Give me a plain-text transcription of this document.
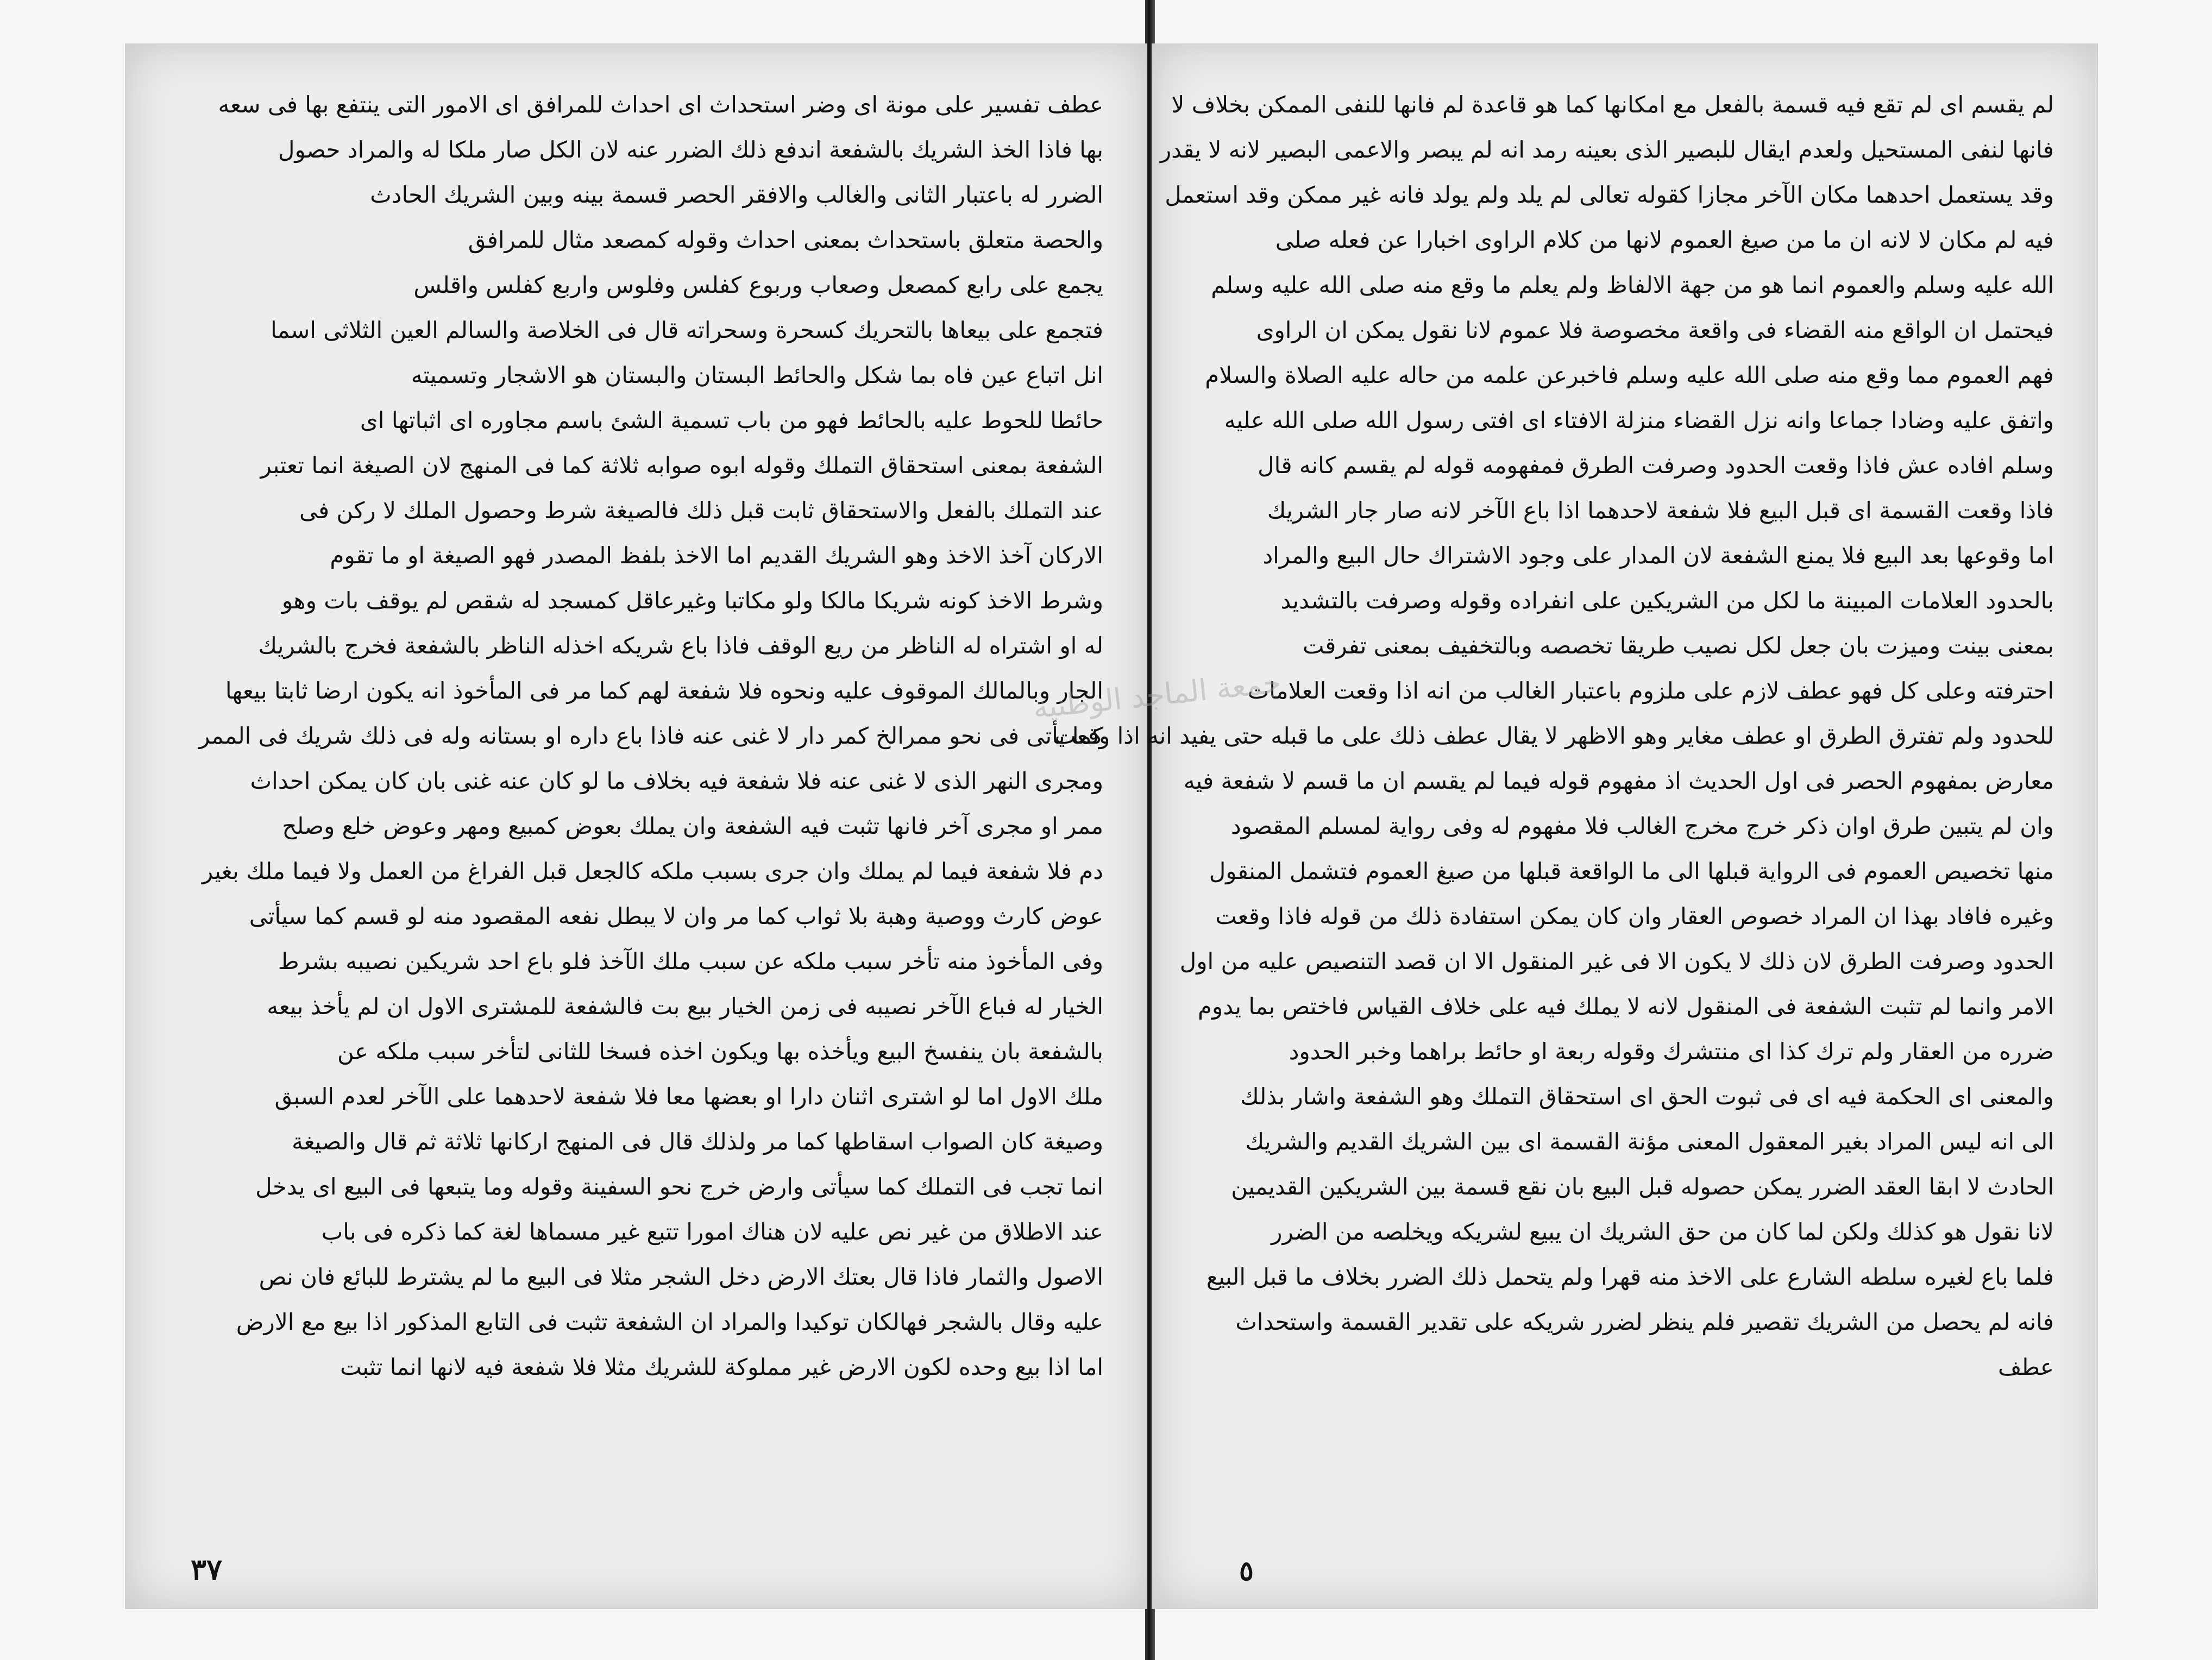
عطف تفسير على مونة اى وضر استحداث اى احداث للمرافق اى الامور التى ينتفع بها فى سعه
بها فاذا الخذ الشريك بالشفعة اندفع ذلك الضرر عنه لان الكل صار ملكا له والمراد حصول
الضرر له باعتبار الثانى والغالب والافقر الحصر قسمة بينه وبين الشريك الحادث
والحصة متعلق باستحداث بمعنى احداث وقوله كمصعد مثال للمرافق
يجمع على رابع كمصعل وصعاب وربوع كفلس وفلوس واربع كفلس واقلس
فتجمع على بيعاها بالتحريك كسحرة وسحراته قال فى الخلاصة والسالم العين الثلاثى اسما
انل اتباع عين فاه بما شكل والحائط البستان والبستان هو الاشجار وتسميته
حائطا للحوط عليه بالحائط فهو من باب تسمية الشئ باسم مجاوره اى اثباتها اى
الشفعة بمعنى استحقاق التملك وقوله ابوه صوابه ثلاثة كما فى المنهج لان الصيغة انما تعتبر
عند التملك بالفعل والاستحقاق ثابت قبل ذلك فالصيغة شرط وحصول الملك لا ركن فى
الاركان آخذ الاخذ وهو الشريك القديم اما الاخذ بلفظ المصدر فهو الصيغة او ما تقوم
وشرط الاخذ كونه شريكا مالكا ولو مكاتبا وغيرعاقل كمسجد له شقص لم يوقف بات وهو
له او اشتراه له الناظر من ريع الوقف فاذا باع شريكه اخذله الناظر بالشفعة فخرج بالشريك
الجار وبالمالك الموقوف عليه ونحوه فلا شفعة لهم كما مر فى المأخوذ انه يكون ارضا ثابتا بيعها
كما يأتى فى نحو ممرالخ كمر دار لا غنى عنه فاذا باع داره او بستانه وله فى ذلك شريك فى الممر
ومجرى النهر الذى لا غنى عنه فلا شفعة فيه بخلاف ما لو كان عنه غنى بان كان يمكن احداث
ممر او مجرى آخر فانها تثبت فيه الشفعة وان يملك بعوض كمبيع ومهر وعوض خلع وصلح
دم فلا شفعة فيما لم يملك وان جرى بسبب ملكه كالجعل قبل الفراغ من العمل ولا فيما ملك بغير
عوض كارث ووصية وهبة بلا ثواب كما مر وان لا يبطل نفعه المقصود منه لو قسم كما سيأتى
وفى المأخوذ منه تأخر سبب ملكه عن سبب ملك الآخذ فلو باع احد شريكين نصيبه بشرط
الخيار له فباع الآخر نصيبه فى زمن الخيار بيع بت فالشفعة للمشترى الاول ان لم يأخذ بيعه
بالشفعة بان ينفسخ البيع ويأخذه بها ويكون اخذه فسخا للثانى لتأخر سبب ملكه عن
ملك الاول اما لو اشترى اثنان دارا او بعضها معا فلا شفعة لاحدهما على الآخر لعدم السبق
وصيغة كان الصواب اسقاطها كما مر ولذلك قال فى المنهج اركانها ثلاثة ثم قال والصيغة
انما تجب فى التملك كما سيأتى وارض خرج نحو السفينة وقوله وما يتبعها فى البيع اى يدخل
عند الاطلاق من غير نص عليه لان هناك امورا تتبع غير مسماها لغة كما ذكره فى باب
الاصول والثمار فاذا قال بعتك الارض دخل الشجر مثلا فى البيع ما لم يشترط للبائع فان نص
عليه وقال بالشجر فهالكان توكيدا والمراد ان الشفعة تثبت فى التابع المذكور اذا بيع مع الارض
اما اذا بيع وحده لكون الارض غير مملوكة للشريك مثلا فلا شفعة فيه لانها انما تثبت
٣٧
لم يقسم اى لم تقع فيه قسمة بالفعل مع امكانها كما هو قاعدة لم فانها للنفى الممكن بخلاف لا
فانها لنفى المستحيل ولعدم ايقال للبصير الذى بعينه رمد انه لم يبصر والاعمى البصير لانه لا يقدر
وقد يستعمل احدهما مكان الآخر مجازا كقوله تعالى لم يلد ولم يولد فانه غير ممكن وقد استعمل
فيه لم مكان لا لانه ان ما من صيغ العموم لانها من كلام الراوى اخبارا عن فعله صلى
الله عليه وسلم والعموم انما هو من جهة الالفاظ ولم يعلم ما وقع منه صلى الله عليه وسلم
فيحتمل ان الواقع منه القضاء فى واقعة مخصوصة فلا عموم لانا نقول يمكن ان الراوى
فهم العموم مما وقع منه صلى الله عليه وسلم فاخبرعن علمه من حاله عليه الصلاة والسلام
واتفق عليه وضادا جماعا وانه نزل القضاء منزلة الافتاء اى افتى رسول الله صلى الله عليه
وسلم افاده عش فاذا وقعت الحدود وصرفت الطرق فمفهومه قوله لم يقسم كانه قال
فاذا وقعت القسمة اى قبل البيع فلا شفعة لاحدهما اذا باع الآخر لانه صار جار الشريك
اما وقوعها بعد البيع فلا يمنع الشفعة لان المدار على وجود الاشتراك حال البيع والمراد
بالحدود العلامات المبينة ما لكل من الشريكين على انفراده وقوله وصرفت بالتشديد
بمعنى بينت وميزت بان جعل لكل نصيب طريقا تخصصه وبالتخفيف بمعنى تفرقت
احترفته وعلى كل فهو عطف لازم على ملزوم باعتبار الغالب من انه اذا وقعت العلامات
للحدود ولم تفترق الطرق او عطف مغاير وهو الاظهر لا يقال عطف ذلك على ما قبله حتى يفيد انه اذا وقعت
معارض بمفهوم الحصر فى اول الحديث اذ مفهوم قوله فيما لم يقسم ان ما قسم لا شفعة فيه
وان لم يتبين طرق اوان ذكر خرج مخرج الغالب فلا مفهوم له وفى رواية لمسلم المقصود
منها تخصيص العموم فى الرواية قبلها الى ما الواقعة قبلها من صيغ العموم فتشمل المنقول
وغيره فافاد بهذا ان المراد خصوص العقار وان كان يمكن استفادة ذلك من قوله فاذا وقعت
الحدود وصرفت الطرق لان ذلك لا يكون الا فى غير المنقول الا ان قصد التنصيص عليه من اول
الامر وانما لم تثبت الشفعة فى المنقول لانه لا يملك فيه على خلاف القياس فاختص بما يدوم
ضرره من العقار ولم ترك كذا اى منتشرك وقوله ربعة او حائط براهما وخبر الحدود
والمعنى اى الحكمة فيه اى فى ثبوت الحق اى استحقاق التملك وهو الشفعة واشار بذلك
الى انه ليس المراد بغير المعقول المعنى مؤنة القسمة اى بين الشريك القديم والشريك
الحادث لا ابقا العقد الضرر يمكن حصوله قبل البيع بان نقع قسمة بين الشريكين القديمين
لانا نقول هو كذلك ولكن لما كان من حق الشريك ان يبيع لشريكه ويخلصه من الضرر
فلما باع لغيره سلطه الشارع على الاخذ منه قهرا ولم يتحمل ذلك الضرر بخلاف ما قبل البيع
فانه لم يحصل من الشريك تقصير فلم ينظر لضرر شريكه على تقدير القسمة واستحداث
عطف
٥
جمعة الماجد الوطنية
